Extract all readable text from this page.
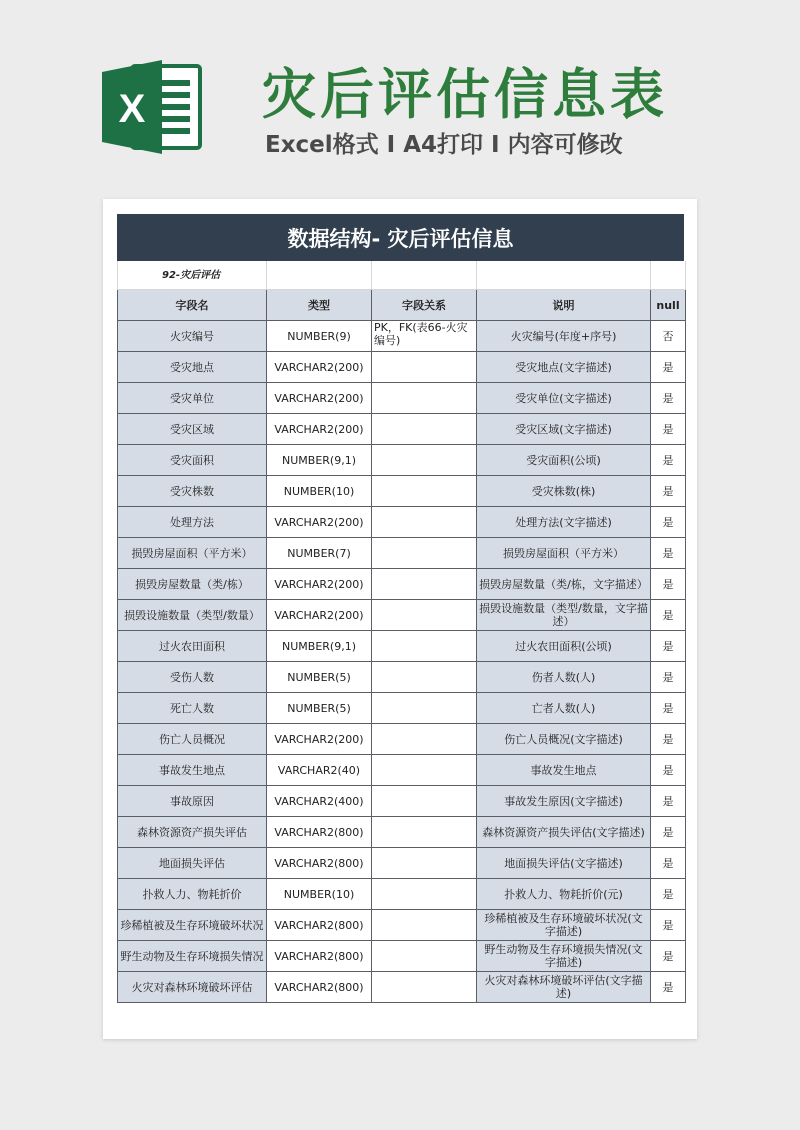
X 灾后评估信息表
Excel格式 I A4打印 I 内容可修改
数据结构- 灾后评估信息
92-灾后评估				
字段名	类型	字段关系	说明	null
火灾编号	NUMBER(9)	PK，FK(表66-火灾编号)	火灾编号(年度+序号)	否
受灾地点	VARCHAR2(200)		受灾地点(文字描述)	是
受灾单位	VARCHAR2(200)		受灾单位(文字描述)	是
受灾区域	VARCHAR2(200)		受灾区域(文字描述)	是
受灾面积	NUMBER(9,1)		受灾面积(公顷)	是
受灾株数	NUMBER(10)		受灾株数(株)	是
处理方法	VARCHAR2(200)		处理方法(文字描述)	是
损毁房屋面积（平方米）	NUMBER(7)		损毁房屋面积（平方米）	是
损毁房屋数量（类/栋）	VARCHAR2(200)		损毁房屋数量（类/栋，文字描述）	是
损毁设施数量（类型/数量）	VARCHAR2(200)		损毁设施数量（类型/数量，文字描述）	是
过火农田面积	NUMBER(9,1)		过火农田面积(公顷)	是
受伤人数	NUMBER(5)		伤者人数(人)	是
死亡人数	NUMBER(5)		亡者人数(人)	是
伤亡人员概况	VARCHAR2(200)		伤亡人员概况(文字描述)	是
事故发生地点	VARCHAR2(40)		事故发生地点	是
事故原因	VARCHAR2(400)		事故发生原因(文字描述)	是
森林资源资产损失评估	VARCHAR2(800)		森林资源资产损失评估(文字描述)	是
地面损失评估	VARCHAR2(800)		地面损失评估(文字描述)	是
扑救人力、物耗折价	NUMBER(10)		扑救人力、物耗折价(元)	是
珍稀植被及生存环境破坏状况	VARCHAR2(800)		珍稀植被及生存环境破坏状况(文字描述)	是
野生动物及生存环境损失情况	VARCHAR2(800)		野生动物及生存环境损失情况(文字描述)	是
火灾对森林环境破坏评估	VARCHAR2(800)		火灾对森林环境破坏评估(文字描述)	是
